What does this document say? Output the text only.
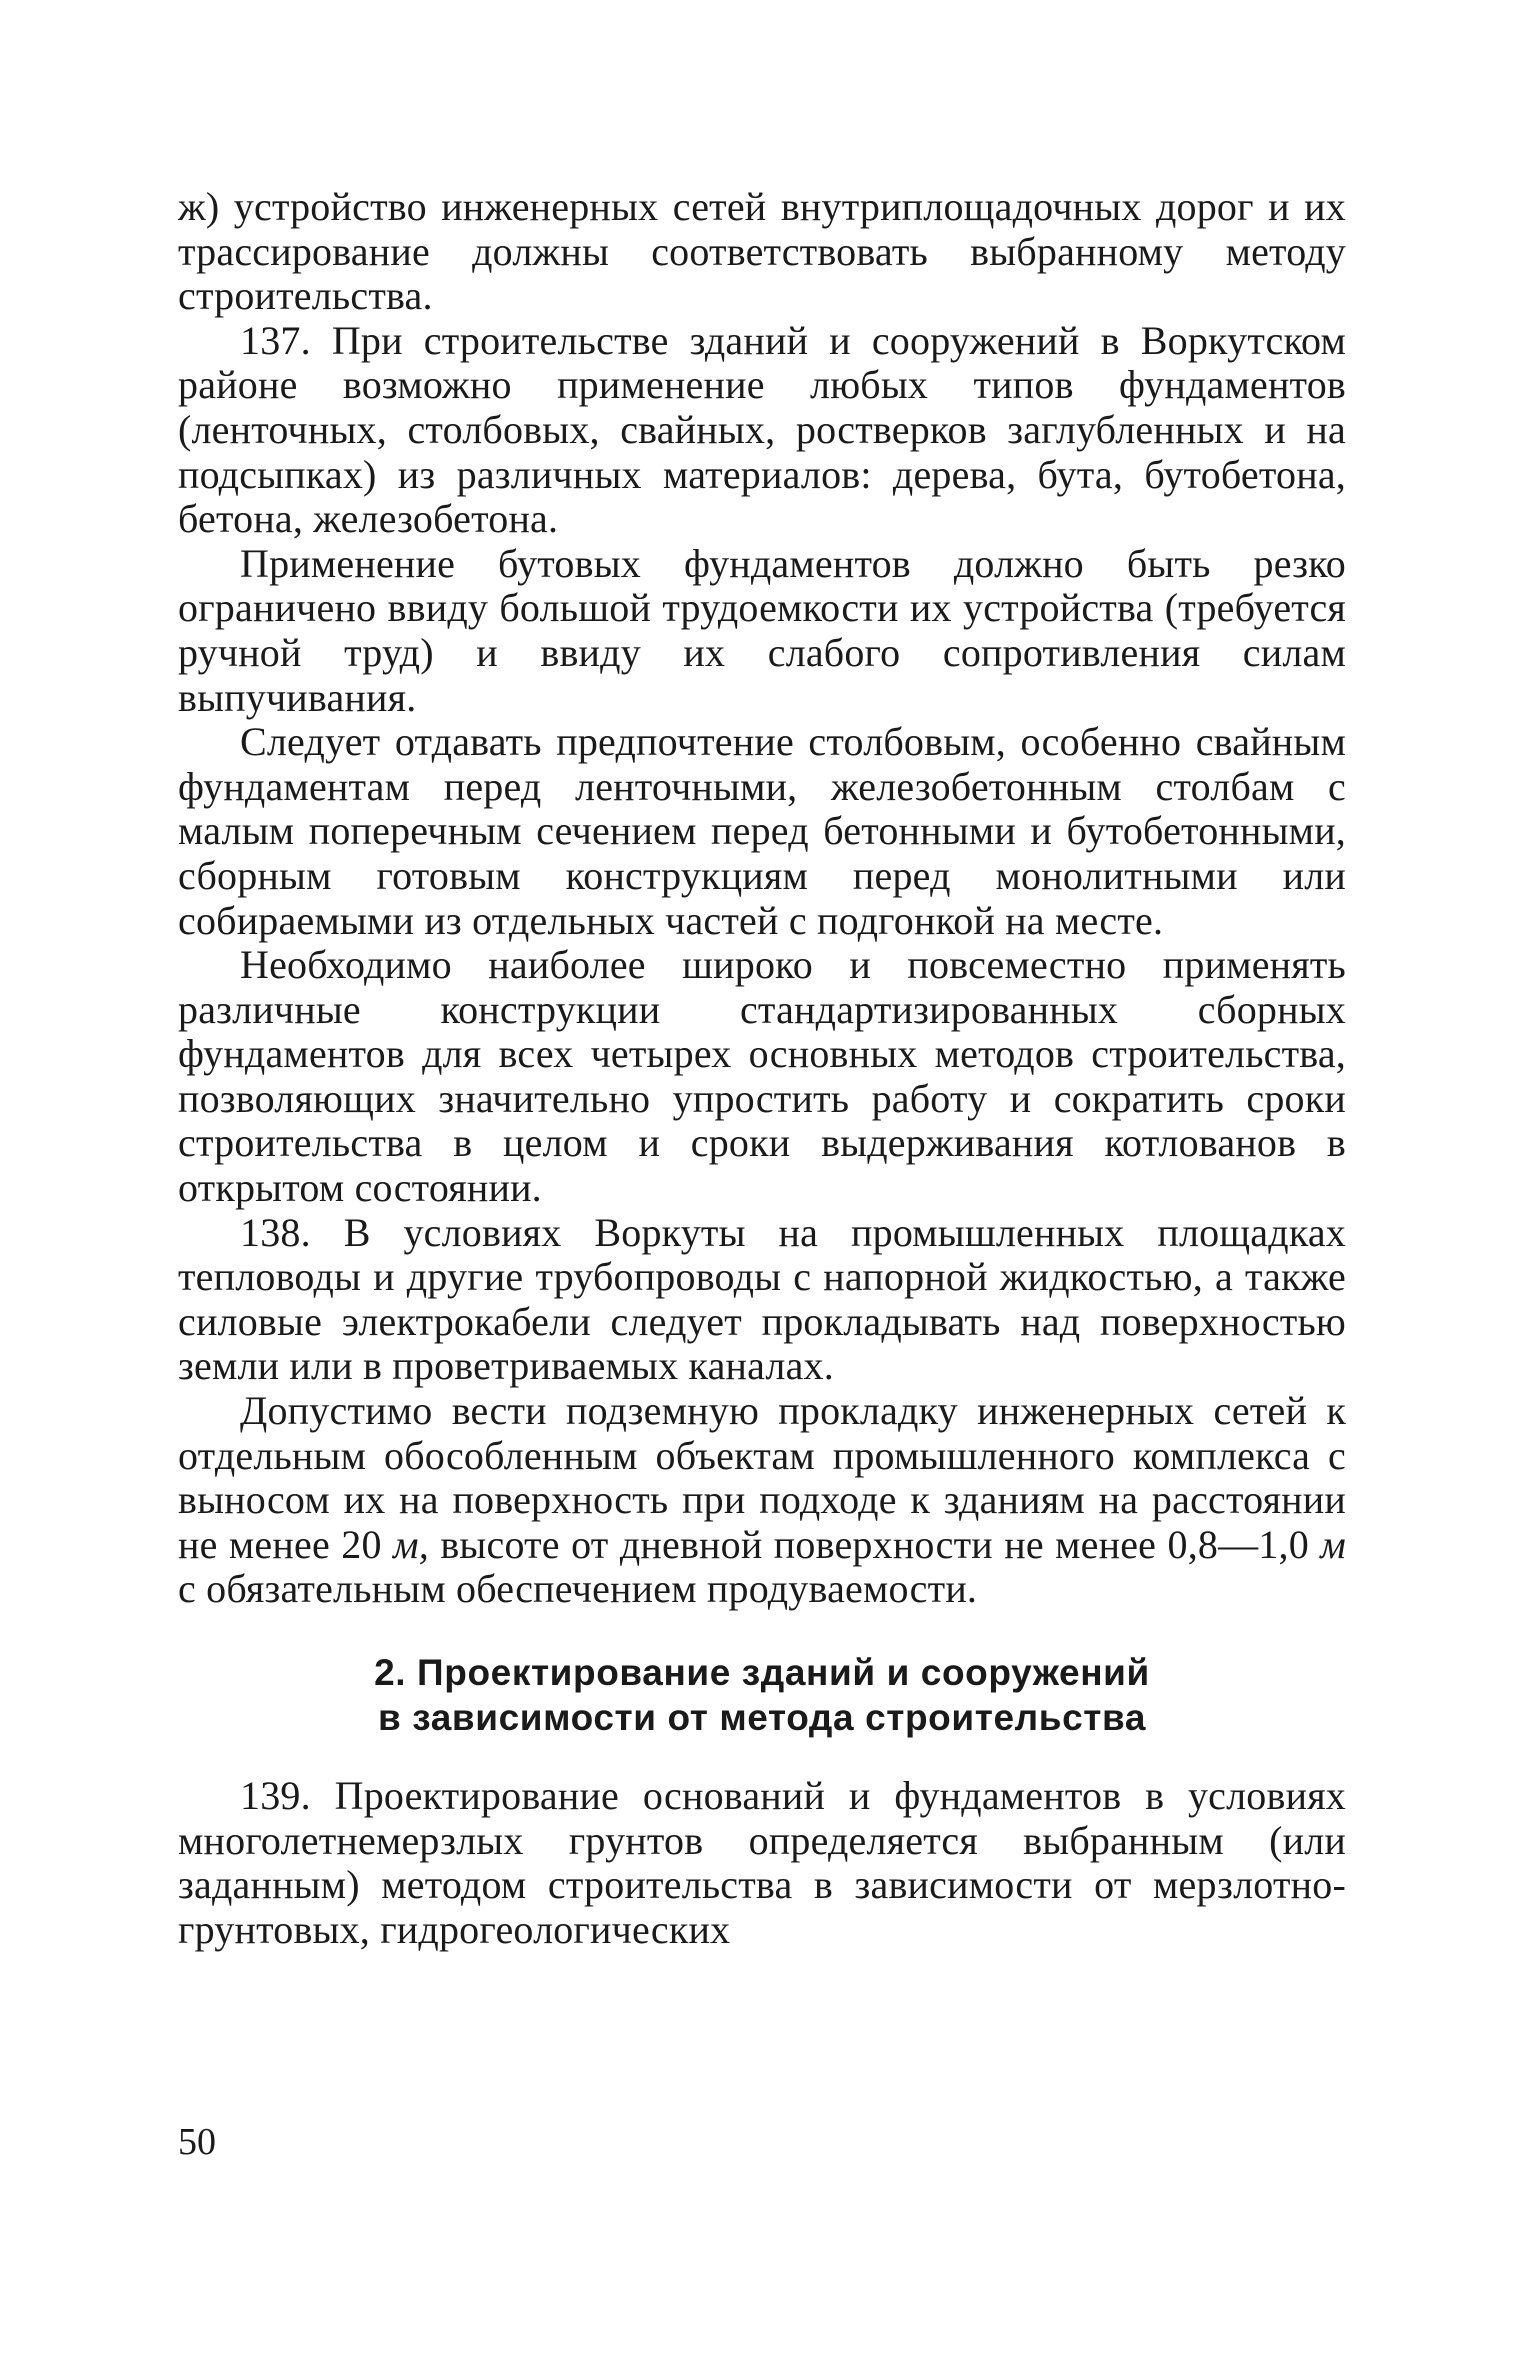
ж) устройство инженерных сетей внутриплощадочных дорог и их трассирование должны соответствовать выбранному методу строительства.

137. При строительстве зданий и сооружений в Воркутском районе возможно применение любых типов фундаментов (ленточных, столбовых, свайных, ростверков заглубленных и на подсыпках) из различных материалов: дерева, бута, бутобетона, бетона, железобетона.

Применение бутовых фундаментов должно быть резко ограничено ввиду большой трудоемкости их устройства (требуется ручной труд) и ввиду их слабого сопротивления силам выпучивания.

Следует отдавать предпочтение столбовым, особенно свайным фундаментам перед ленточными, железобетонным столбам с малым поперечным сечением перед бетонными и бутобетонными, сборным готовым конструкциям перед монолитными или собираемыми из отдельных частей с подгонкой на месте.

Необходимо наиболее широко и повсеместно применять различные конструкции стандартизированных сборных фундаментов для всех четырех основных методов строительства, позволяющих значительно упростить работу и сократить сроки строительства в целом и сроки выдерживания котлованов в открытом состоянии.

138. В условиях Воркуты на промышленных площадках тепловоды и другие трубопроводы с напорной жидкостью, а также силовые электрокабели следует прокладывать над поверхностью земли или в проветриваемых каналах.

Допустимо вести подземную прокладку инженерных сетей к отдельным обособленным объектам промышленного комплекса с выносом их на поверхность при подходе к зданиям на расстоянии не менее 20 м, высоте от дневной поверхности не менее 0,8—1,0 м с обязательным обеспечением продуваемости.

2. Проектирование зданий и сооружений
в зависимости от метода строительства

139. Проектирование оснований и фундаментов в условиях многолетнемерзлых грунтов определяется выбранным (или заданным) методом строительства в зависимости от мерзлотно-грунтовых, гидрогеологических

50
